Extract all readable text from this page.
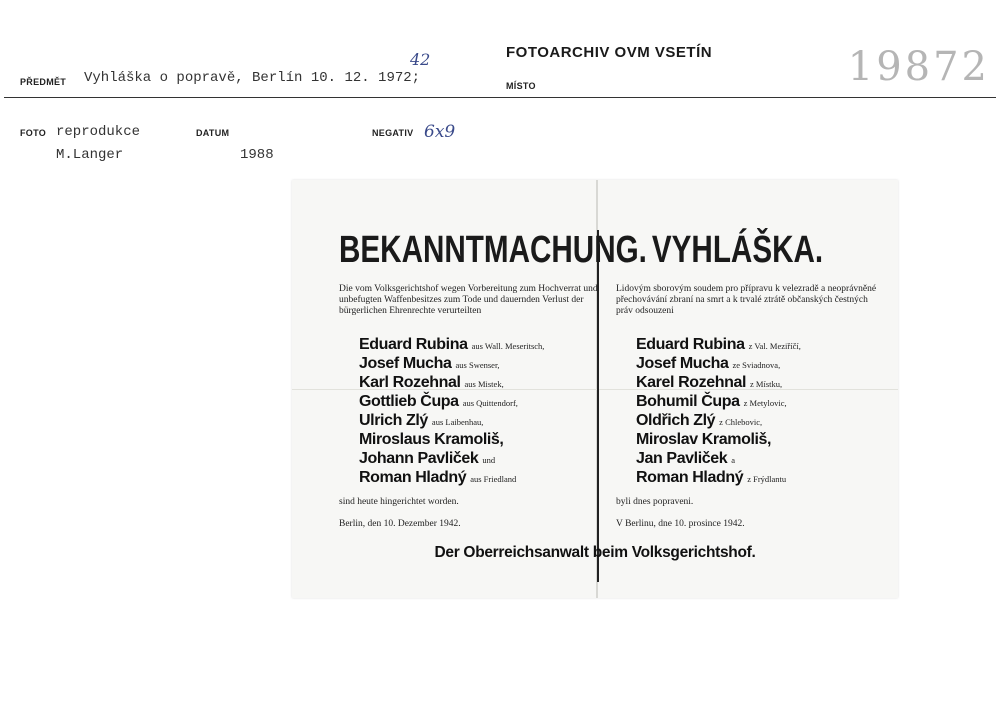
PŘEDMĚT Vyhláška o popravě, Berlín 10. 12. 1972;
42	FOTOARCHIV OVM VSETÍN
MÍSTO	19872
FOTO reprodukce
M.Langer
DATUM
1988
NEGATIV 6x9
BEKANNTMACHUNG.

Die vom Volksgerichtshof wegen Vorbereitung zum Hochverrat und unbefugten Waffenbesitzes zum Tode und dauernden Verlust der bürgerlichen Ehrenrechte verurteilten

Eduard Rubina aus Wall. Meseritsch,
Josef Mucha aus Swenser,
Karl Rozehnal aus Mistek,
Gottlieb Čupa aus Quittendorf,
Ulrich Zlý aus Laibenhau,
Miroslaus Kramoliš,
Johann Pavliček und
Roman Hladný aus Friedland

sind heute hingerichtet worden.

Berlin, den 10. Dezember 1942.

VYHLÁŠKA.

Lidovým sborovým soudem pro přípravu k velezradě a neoprávněné přechovávání zbraní na smrt a k trvalé ztrátě občanských čestných práv odsouzeni

Eduard Rubina z Val. Meziříčí,
Josef Mucha ze Sviadnova,
Karel Rozehnal z Místku,
Bohumil Čupa z Metylovic,
Oldřich Zlý z Chlebovic,
Miroslav Kramoliš,
Jan Pavliček a
Roman Hladný z Frýdlantu

byli dnes popraveni.

V Berlinu, dne 10. prosince 1942.

Der Oberreichsanwalt beim Volksgerichtshof.
